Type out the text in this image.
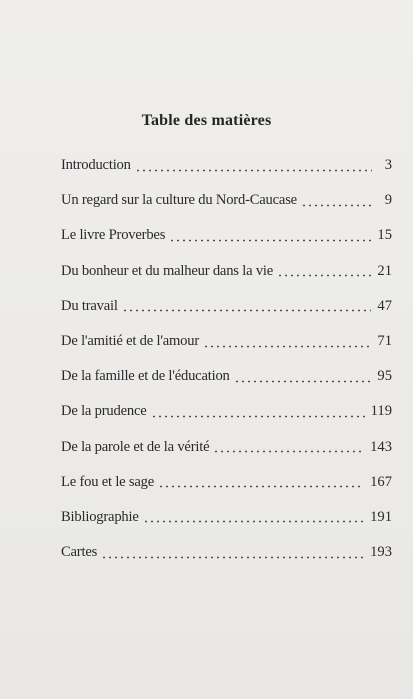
Table des matières
Introduction	3
Un regard sur la culture du Nord-Caucase	9
Le livre Proverbes	15
Du bonheur et du malheur dans la vie	21
Du travail	47
De l'amitié et de l'amour	71
De la famille et de l'éducation	95
De la prudence	119
De la parole et de la vérité	143
Le fou et le sage	167
Bibliographie	191
Cartes	193
